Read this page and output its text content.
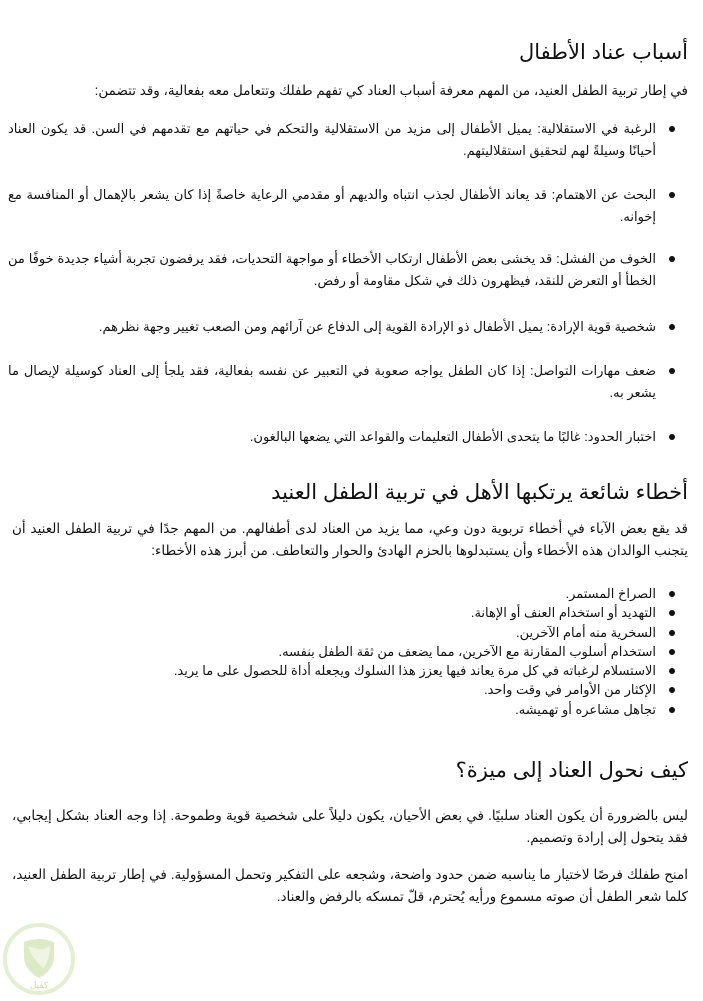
أسباب عناد الأطفال

في إطار تربية الطفل العنيد، من المهم معرفة أسباب العناد كي تفهم طفلك وتتعامل معه بفعالية، وقد تتضمن:

الرغبة في الاستقلالية: يميل الأطفال إلى مزيد من الاستقلالية والتحكم في حياتهم مع تقدمهم في السن. قد يكون العناد أحيانًا وسيلةً لهم لتحقيق استقلاليتهم.
البحث عن الاهتمام: قد يعاند الأطفال لجذب انتباه والديهم أو مقدمي الرعاية خاصةً إذا كان يشعر بالإهمال أو المنافسة مع إخوانه.
الخوف من الفشل: قد يخشى بعض الأطفال ارتكاب الأخطاء أو مواجهة التحديات، فقد يرفضون تجربة أشياء جديدة خوفًا من الخطأ أو التعرض للنقد، فيظهرون ذلك في شكل مقاومة أو رفض.
شخصية قوية الإرادة: يميل الأطفال ذو الإرادة القوية إلى الدفاع عن آرائهم ومن الصعب تغيير وجهة نظرهم.
ضعف مهارات التواصل: إذا كان الطفل يواجه صعوبة في التعبير عن نفسه بفعالية، فقد يلجأ إلى العناد كوسيلة لإيصال ما يشعر به.
اختبار الحدود: غالبًا ما يتحدى الأطفال التعليمات والقواعد التي يضعها البالغون.
أخطاء شائعة يرتكبها الأهل في تربية الطفل العنيد

قد يقع بعض الآباء في أخطاء تربوية دون وعي، مما يزيد من العناد لدى أطفالهم. من المهم جدًا في تربية الطفل العنيد أن يتجنب الوالدان هذه الأخطاء وأن يستبدلوها بالحزم الهادئ والحوار والتعاطف. من أبرز هذه الأخطاء:

الصراخ المستمر.
التهديد أو استخدام العنف أو الإهانة.
السخرية منه أمام الآخرين.
استخدام أسلوب المقارنة مع الآخرين، مما يضعف من ثقة الطفل بنفسه.
الاستسلام لرغباته في كل مرة يعاند فيها يعزز هذا السلوك ويجعله أداة للحصول على ما يريد.
الإكثار من الأوامر في وقت واحد.
تجاهل مشاعره أو تهميشه.
كيف نحول العناد إلى ميزة؟

ليس بالضرورة أن يكون العناد سلبيًا. في بعض الأحيان، يكون دليلاً على شخصية قوية وطموحة. إذا وجه العناد بشكل إيجابي، فقد يتحول إلى إرادة وتصميم.

امنح طفلك فرصًا لاختيار ما يناسبه ضمن حدود واضحة، وشجعه على التفكير وتحمل المسؤولية. في إطار تربية الطفل العنيد، كلما شعر الطفل أن صوته مسموع ورأيه يُحترم، قلّ تمسكه بالرفض والعناد.

كفيل
